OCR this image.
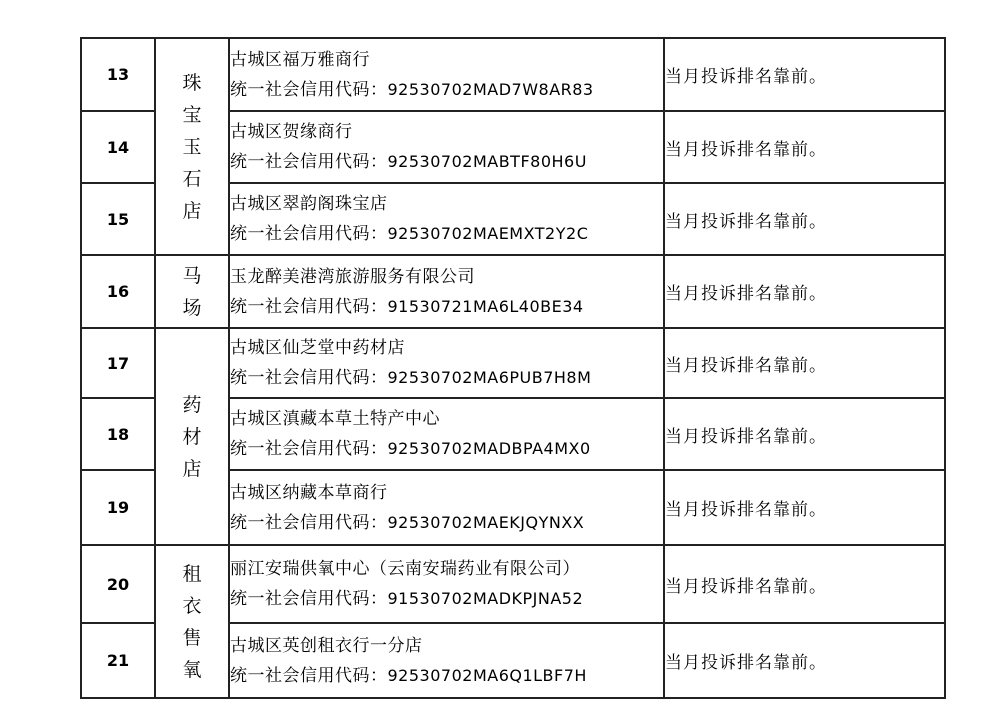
13	珠宝玉石店	古城区福万雅商行
统一社会信用代码：92530702MAD7W8AR83	当月投诉排名靠前。
14		古城区贺缘商行
统一社会信用代码：92530702MABTF80H6U	当月投诉排名靠前。
15		古城区翠韵阁珠宝店
统一社会信用代码：92530702MAEMXT2Y2C	当月投诉排名靠前。
16	马场	玉龙醉美港湾旅游服务有限公司
统一社会信用代码：91530721MA6L40BE34	当月投诉排名靠前。
17	药材店	古城区仙芝堂中药材店
统一社会信用代码：92530702MA6PUB7H8M	当月投诉排名靠前。
18		古城区滇藏本草土特产中心
统一社会信用代码：92530702MADBPA4MX0	当月投诉排名靠前。
19		古城区纳藏本草商行
统一社会信用代码：92530702MAEKJQYNXX	当月投诉排名靠前。
20	租衣售氧	丽江安瑞供氧中心（云南安瑞药业有限公司）
统一社会信用代码：91530702MADKPJNA52	当月投诉排名靠前。
21		古城区英创租衣行一分店
统一社会信用代码：92530702MA6Q1LBF7H	当月投诉排名靠前。
